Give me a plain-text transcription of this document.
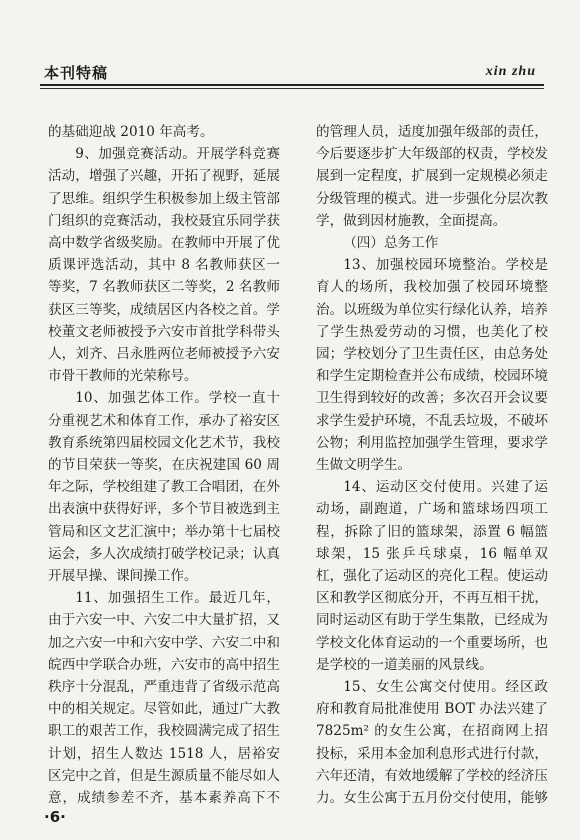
本刊特稿	xin zhu

的基础迎战 2010 年高考。

9、加强竞赛活动。开展学科竞赛活动，增强了兴趣，开拓了视野，延展了思维。组织学生积极参加上级主管部门组织的竞赛活动，我校聂宜乐同学获高中数学省级奖励。在教师中开展了优质课评选活动，其中 8 名教师获区一等奖，7 名教师获区二等奖，2 名教师获区三等奖，成绩居区内各校之首。学校董文老师被授予六安市首批学科带头人，刘齐、吕永胜两位老师被授予六安市骨干教师的光荣称号。

10、加强艺体工作。学校一直十分重视艺术和体育工作，承办了裕安区教育系统第四届校园文化艺术节，我校的节目荣获一等奖，在庆祝建国 60 周年之际，学校组建了教工合唱团，在外出表演中获得好评，多个节目被选到主管局和区文艺汇演中；举办第十七届校运会，多人次成绩打破学校记录；认真开展早操、课间操工作。

11、加强招生工作。最近几年，由于六安一中、六安二中大量扩招，又加之六安一中和六安中学、六安二中和皖西中学联合办班，六安市的高中招生秩序十分混乱，严重违背了省级示范高中的相关规定。尽管如此，通过广大教职工的艰苦工作，我校圆满完成了招生计划，招生人数达 1518 人，居裕安区完中之首，但是生源质量不能尽如人意，成绩参差不齐，基本素养高下不

的管理人员，适度加强年级部的责任，今后要逐步扩大年级部的权责，学校发展到一定程度，扩展到一定规模必须走分级管理的模式。进一步强化分层次教学，做到因材施教，全面提高。

（四）总务工作

13、加强校园环境整治。学校是育人的场所，我校加强了校园环境整治。以班级为单位实行绿化认养，培养了学生热爱劳动的习惯，也美化了校园；学校划分了卫生责任区，由总务处和学生定期检查并公布成绩，校园环境卫生得到较好的改善；多次召开会议要求学生爱护环境，不乱丢垃圾，不破坏公物；利用监控加强学生管理，要求学生做文明学生。

14、运动区交付使用。兴建了运动场，副跑道，广场和篮球场四项工程，拆除了旧的篮球架，添置 6 幅篮球架，15 张乒乓球桌，16 幅单双杠，强化了运动区的亮化工程。使运动区和教学区彻底分开，不再互相干扰，同时运动区有助于学生集散，已经成为学校文化体育运动的一个重要场所，也是学校的一道美丽的风景线。

15、女生公寓交付使用。经区政府和教育局批准使用 BOT 办法兴建了 7825m² 的女生公寓，在招商网上招投标，采用本金加利息形式进行付款，六年还清，有效地缓解了学校的经济压力。女生公寓于五月份交付使用，能够

·6·
